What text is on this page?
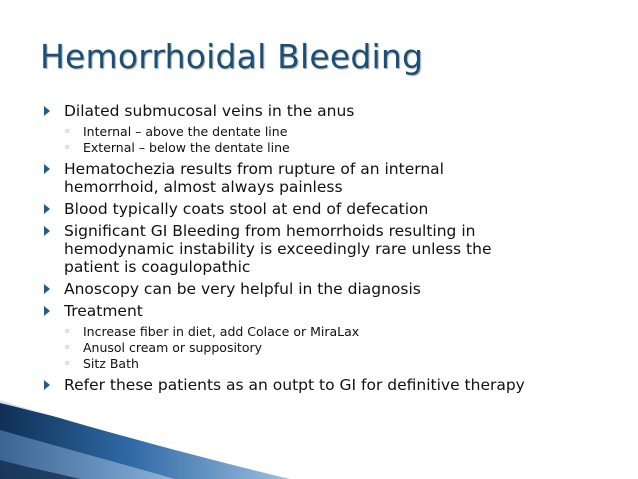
Hemorrhoidal Bleeding
Dilated submucosal veins in the anus
◦ Internal – above the dentate line
◦ External – below the dentate line
Hematochezia results from rupture of an internal
hemorrhoid, almost always painless
Blood typically coats stool at end of defecation
Significant GI Bleeding from hemorrhoids resulting in
hemodynamic instability is exceedingly rare unless the
patient is coagulopathic
Anoscopy can be very helpful in the diagnosis
Treatment
◦ Increase fiber in diet, add Colace or MiraLax
◦ Anusol cream or suppository
◦ Sitz Bath
Refer these patients as an outpt to GI for definitive therapy
